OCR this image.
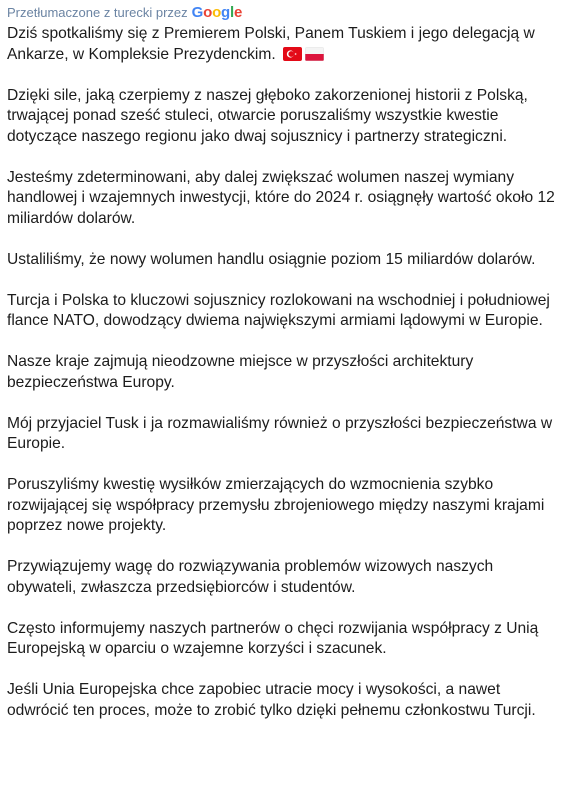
Przetłumaczone z turecki przez Google

Dziś spotkaliśmy się z Premierem Polski, Panem Tuskiem i jego delegacją w Ankarze, w Kompleksie Prezydenckim.

Dzięki sile, jaką czerpiemy z naszej głęboko zakorzenionej historii z Polską, trwającej ponad sześć stuleci, otwarcie poruszaliśmy wszystkie kwestie dotyczące naszego regionu jako dwaj sojusznicy i partnerzy strategiczni.

Jesteśmy zdeterminowani, aby dalej zwiększać wolumen naszej wymiany handlowej i wzajemnych inwestycji, które do 2024 r. osiągnęły wartość około 12 miliardów dolarów.

Ustaliliśmy, że nowy wolumen handlu osiągnie poziom 15 miliardów dolarów.

Turcja i Polska to kluczowi sojusznicy rozlokowani na wschodniej i południowej flance NATO, dowodzący dwiema największymi armiami lądowymi w Europie.

Nasze kraje zajmują nieodzowne miejsce w przyszłości architektury bezpieczeństwa Europy.

Mój przyjaciel Tusk i ja rozmawialiśmy również o przyszłości bezpieczeństwa w Europie.

Poruszyliśmy kwestię wysiłków zmierzających do wzmocnienia szybko rozwijającej się współpracy przemysłu zbrojeniowego między naszymi krajami poprzez nowe projekty.

Przywiązujemy wagę do rozwiązywania problemów wizowych naszych obywateli, zwłaszcza przedsiębiorców i studentów.

Często informujemy naszych partnerów o chęci rozwijania współpracy z Unią Europejską w oparciu o wzajemne korzyści i szacunek.

Jeśli Unia Europejska chce zapobiec utracie mocy i wysokości, a nawet odwrócić ten proces, może to zrobić tylko dzięki pełnemu członkostwu Turcji.
